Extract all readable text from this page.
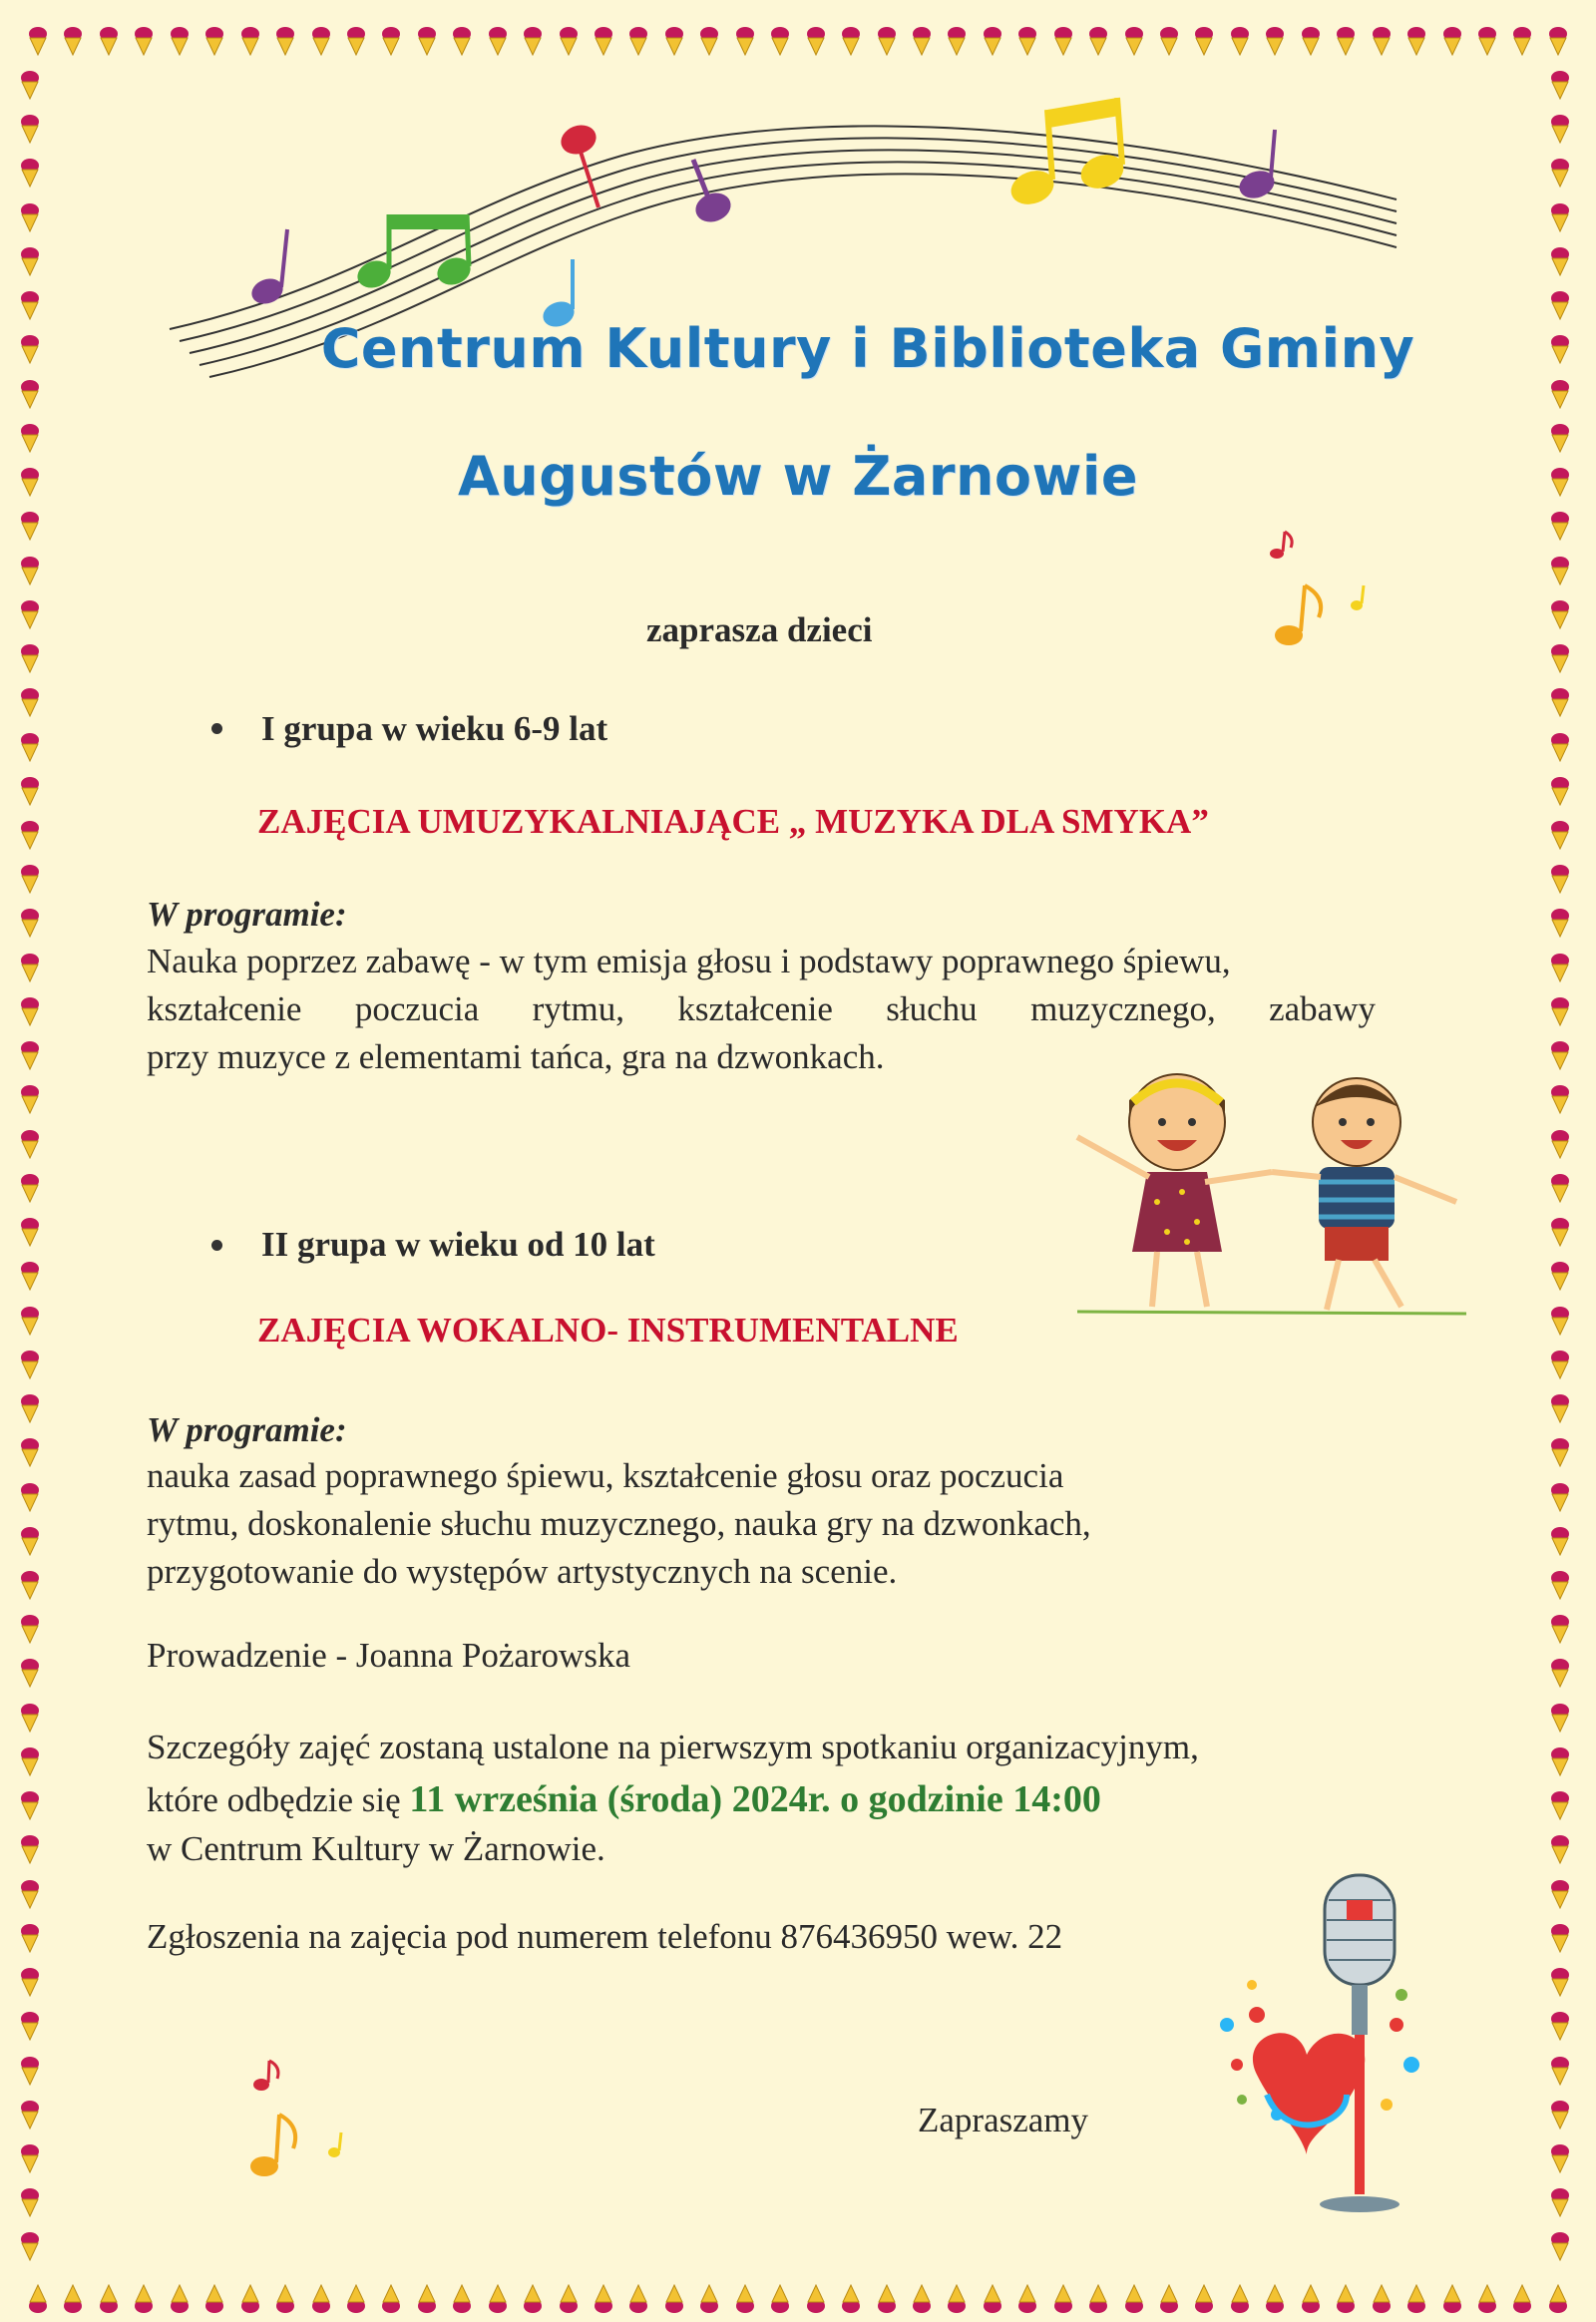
Centrum Kultury i Biblioteka Gminy
Augustów w Żarnowie
zaprasza dzieci
I grupa w wieku 6-9 lat
ZAJĘCIA UMUZYKALNIAJĄCE „ MUZYKA DLA SMYKA”
W programie:
Nauka poprzez zabawę - w tym emisja głosu i podstawy poprawnego śpiewu,
kształcenie poczucia rytmu, kształcenie słuchu muzycznego, zabawy
przy muzyce z elementami tańca, gra na dzwonkach.
II grupa w wieku od 10 lat
ZAJĘCIA WOKALNO- INSTRUMENTALNE
W programie:
nauka zasad poprawnego śpiewu, kształcenie głosu oraz poczucia
rytmu, doskonalenie słuchu muzycznego, nauka gry na dzwonkach,
przygotowanie do występów artystycznych na scenie.
Prowadzenie - Joanna Pożarowska
Szczegóły zajęć zostaną ustalone na pierwszym spotkaniu organizacyjnym,
które odbędzie się 11 września (środa) 2024r. o godzinie 14:00
w Centrum Kultury w Żarnowie.
Zgłoszenia na zajęcia pod numerem telefonu 876436950 wew. 22
Zapraszamy
